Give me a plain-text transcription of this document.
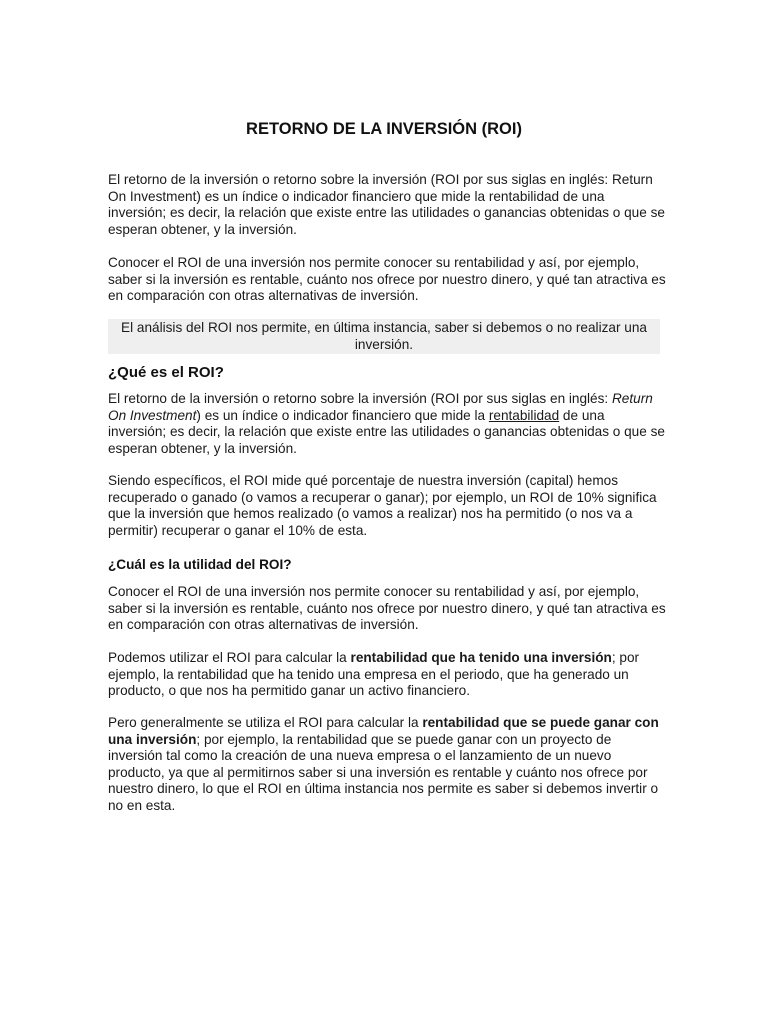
RETORNO DE LA INVERSIÓN (ROI)

El retorno de la inversión o retorno sobre la inversión (ROI por sus siglas en inglés: Return On Investment) es un índice o indicador financiero que mide la rentabilidad de una inversión; es decir, la relación que existe entre las utilidades o ganancias obtenidas o que se esperan obtener, y la inversión.

Conocer el ROI de una inversión nos permite conocer su rentabilidad y así, por ejemplo, saber si la inversión es rentable, cuánto nos ofrece por nuestro dinero, y qué tan atractiva es en comparación con otras alternativas de inversión.

El análisis del ROI nos permite, en última instancia, saber si debemos o no realizar una inversión.
¿Qué es el ROI?

El retorno de la inversión o retorno sobre la inversión (ROI por sus siglas en inglés: Return On Investment) es un índice o indicador financiero que mide la rentabilidad de una inversión; es decir, la relación que existe entre las utilidades o ganancias obtenidas o que se esperan obtener, y la inversión.

Siendo específicos, el ROI mide qué porcentaje de nuestra inversión (capital) hemos recuperado o ganado (o vamos a recuperar o ganar); por ejemplo, un ROI de 10% significa que la inversión que hemos realizado (o vamos a realizar) nos ha permitido (o nos va a permitir) recuperar o ganar el 10% de esta.

¿Cuál es la utilidad del ROI?

Conocer el ROI de una inversión nos permite conocer su rentabilidad y así, por ejemplo, saber si la inversión es rentable, cuánto nos ofrece por nuestro dinero, y qué tan atractiva es en comparación con otras alternativas de inversión.

Podemos utilizar el ROI para calcular la rentabilidad que ha tenido una inversión; por ejemplo, la rentabilidad que ha tenido una empresa en el periodo, que ha generado un producto, o que nos ha permitido ganar un activo financiero.

Pero generalmente se utiliza el ROI para calcular la rentabilidad que se puede ganar con una inversión; por ejemplo, la rentabilidad que se puede ganar con un proyecto de inversión tal como la creación de una nueva empresa o el lanzamiento de un nuevo producto, ya que al permitirnos saber si una inversión es rentable y cuánto nos ofrece por nuestro dinero, lo que el ROI en última instancia nos permite es saber si debemos invertir o no en esta.
